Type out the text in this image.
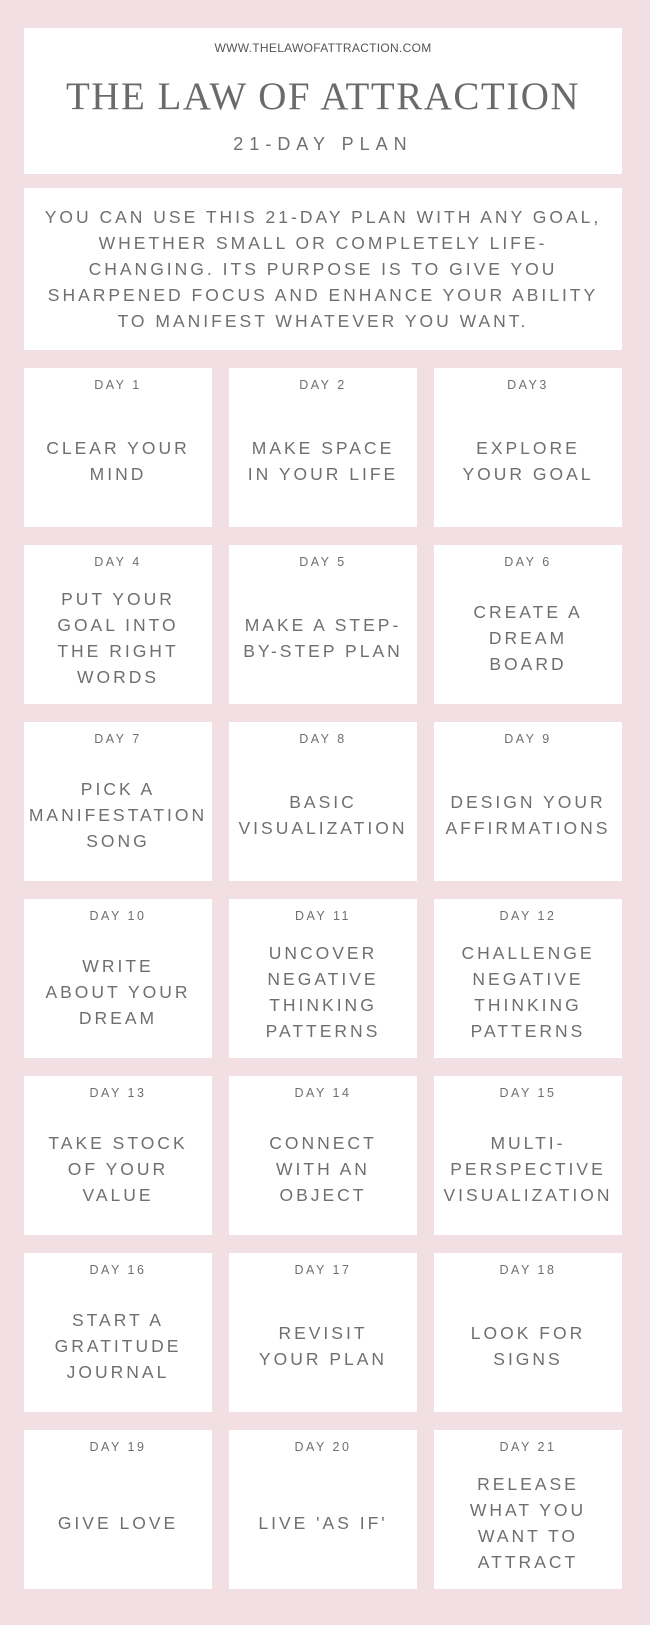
WWW.THELAWOFATTRACTION.COM
THE LAW OF ATTRACTION
21-DAY PLAN
YOU CAN USE THIS 21-DAY PLAN WITH ANY GOAL, WHETHER SMALL OR COMPLETELY LIFE-CHANGING. ITS PURPOSE IS TO GIVE YOU SHARPENED FOCUS AND ENHANCE YOUR ABILITY TO MANIFEST WHATEVER YOU WANT.
DAY 1
CLEAR YOUR
MIND
DAY 2
MAKE SPACE
IN YOUR LIFE
DAY3
EXPLORE
YOUR GOAL
DAY 4
PUT YOUR
GOAL INTO
THE RIGHT
WORDS
DAY 5
MAKE A STEP-
BY-STEP PLAN
DAY 6
CREATE A
DREAM
BOARD
DAY 7
PICK A
MANIFESTATION
SONG
DAY 8
BASIC
VISUALIZATION
DAY 9
DESIGN YOUR
AFFIRMATIONS
DAY 10
WRITE
ABOUT YOUR
DREAM
DAY 11
UNCOVER
NEGATIVE
THINKING
PATTERNS
DAY 12
CHALLENGE
NEGATIVE
THINKING
PATTERNS
DAY 13
TAKE STOCK
OF YOUR
VALUE
DAY 14
CONNECT
WITH AN
OBJECT
DAY 15
MULTI-
PERSPECTIVE
VISUALIZATION
DAY 16
START A
GRATITUDE
JOURNAL
DAY 17
REVISIT
YOUR PLAN
DAY 18
LOOK FOR
SIGNS
DAY 19
GIVE LOVE
DAY 20
LIVE 'AS IF'
DAY 21
RELEASE
WHAT YOU
WANT TO
ATTRACT
